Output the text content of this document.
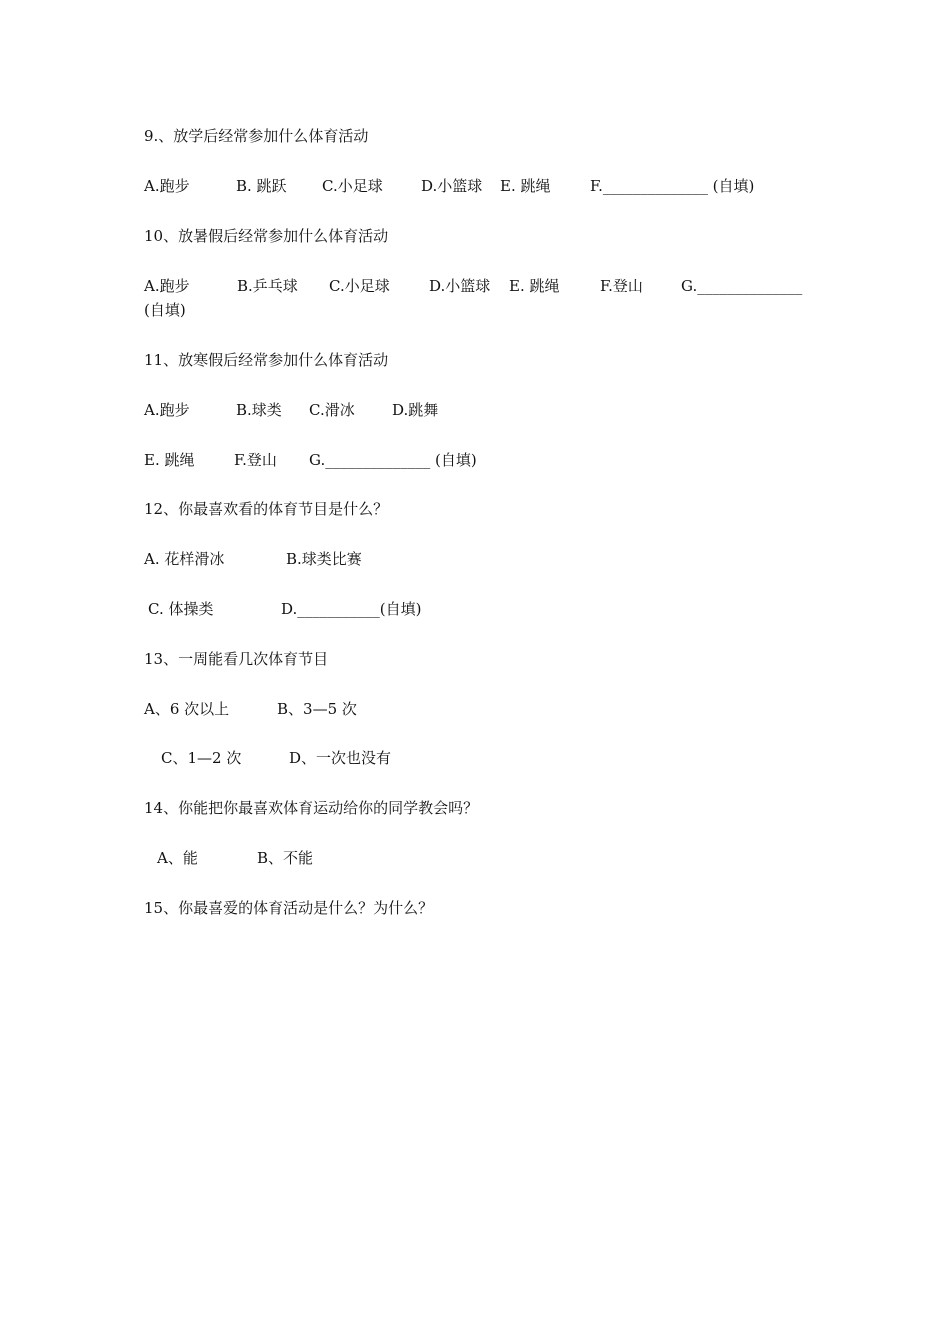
9.、放学后经常参加什么体育活动
A.跑步	B. 跳跃 C.小足球	D.小篮球 E. 跳绳	F.______________ (自填)
10、放暑假后经常参加什么体育活动
A.跑步	B.乒乓球 C.小足球	D.小篮球 E. 跳绳	F.登山	G.______________
(自填)
11、放寒假后经常参加什么体育活动
A.跑步	B.球类 C.滑冰 D.跳舞
E. 跳绳	F.登山 G.______________ (自填)
12、你最喜欢看的体育节目是什么？
A. 花样滑冰	B.球类比赛
C. 体操类	D.___________(自填)
13、一周能看几次体育节目
A、6 次以上	B、3—5 次
C、1—2 次	D、一次也没有
14、你能把你最喜欢体育运动给你的同学教会吗？
A、能	B、不能
15、你最喜爱的体育活动是什么？为什么？
